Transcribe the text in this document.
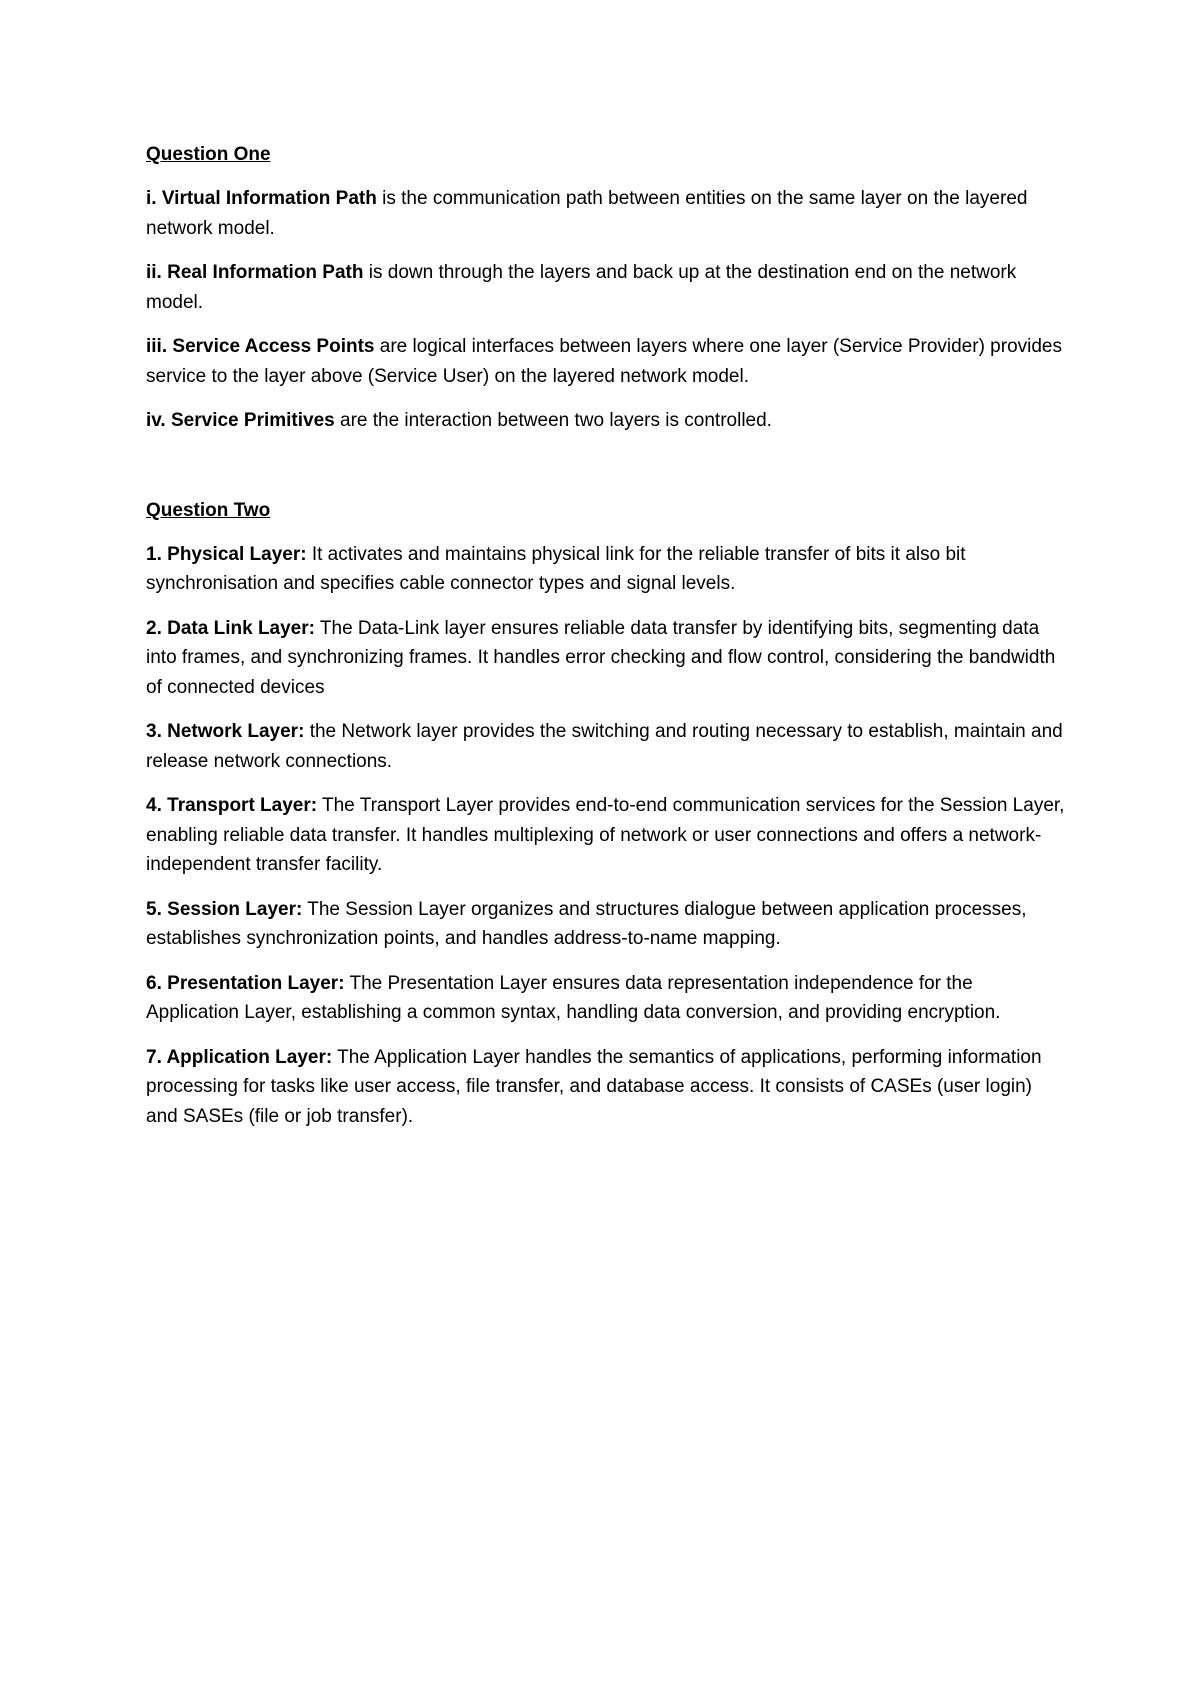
Question One

i. Virtual Information Path is the communication path between entities on the same layer on the layered network model.

ii. Real Information Path is down through the layers and back up at the destination end on the network model.

iii. Service Access Points are logical interfaces between layers where one layer (Service Provider) provides service to the layer above (Service User) on the layered network model.

iv. Service Primitives are the interaction between two layers is controlled.

Question Two

1. Physical Layer: It activates and maintains physical link for the reliable transfer of bits it also bit synchronisation and specifies cable connector types and signal levels.

2. Data Link Layer: The Data-Link layer ensures reliable data transfer by identifying bits, segmenting data into frames, and synchronizing frames. It handles error checking and flow control, considering the bandwidth of connected devices

3. Network Layer: the Network layer provides the switching and routing necessary to establish, maintain and release network connections.

4. Transport Layer: The Transport Layer provides end-to-end communication services for the Session Layer, enabling reliable data transfer. It handles multiplexing of network or user connections and offers a network-independent transfer facility.

5. Session Layer: The Session Layer organizes and structures dialogue between application processes, establishes synchronization points, and handles address-to-name mapping.

6. Presentation Layer: The Presentation Layer ensures data representation independence for the Application Layer, establishing a common syntax, handling data conversion, and providing encryption.

7. Application Layer: The Application Layer handles the semantics of applications, performing information processing for tasks like user access, file transfer, and database access. It consists of CASEs (user login) and SASEs (file or job transfer).
